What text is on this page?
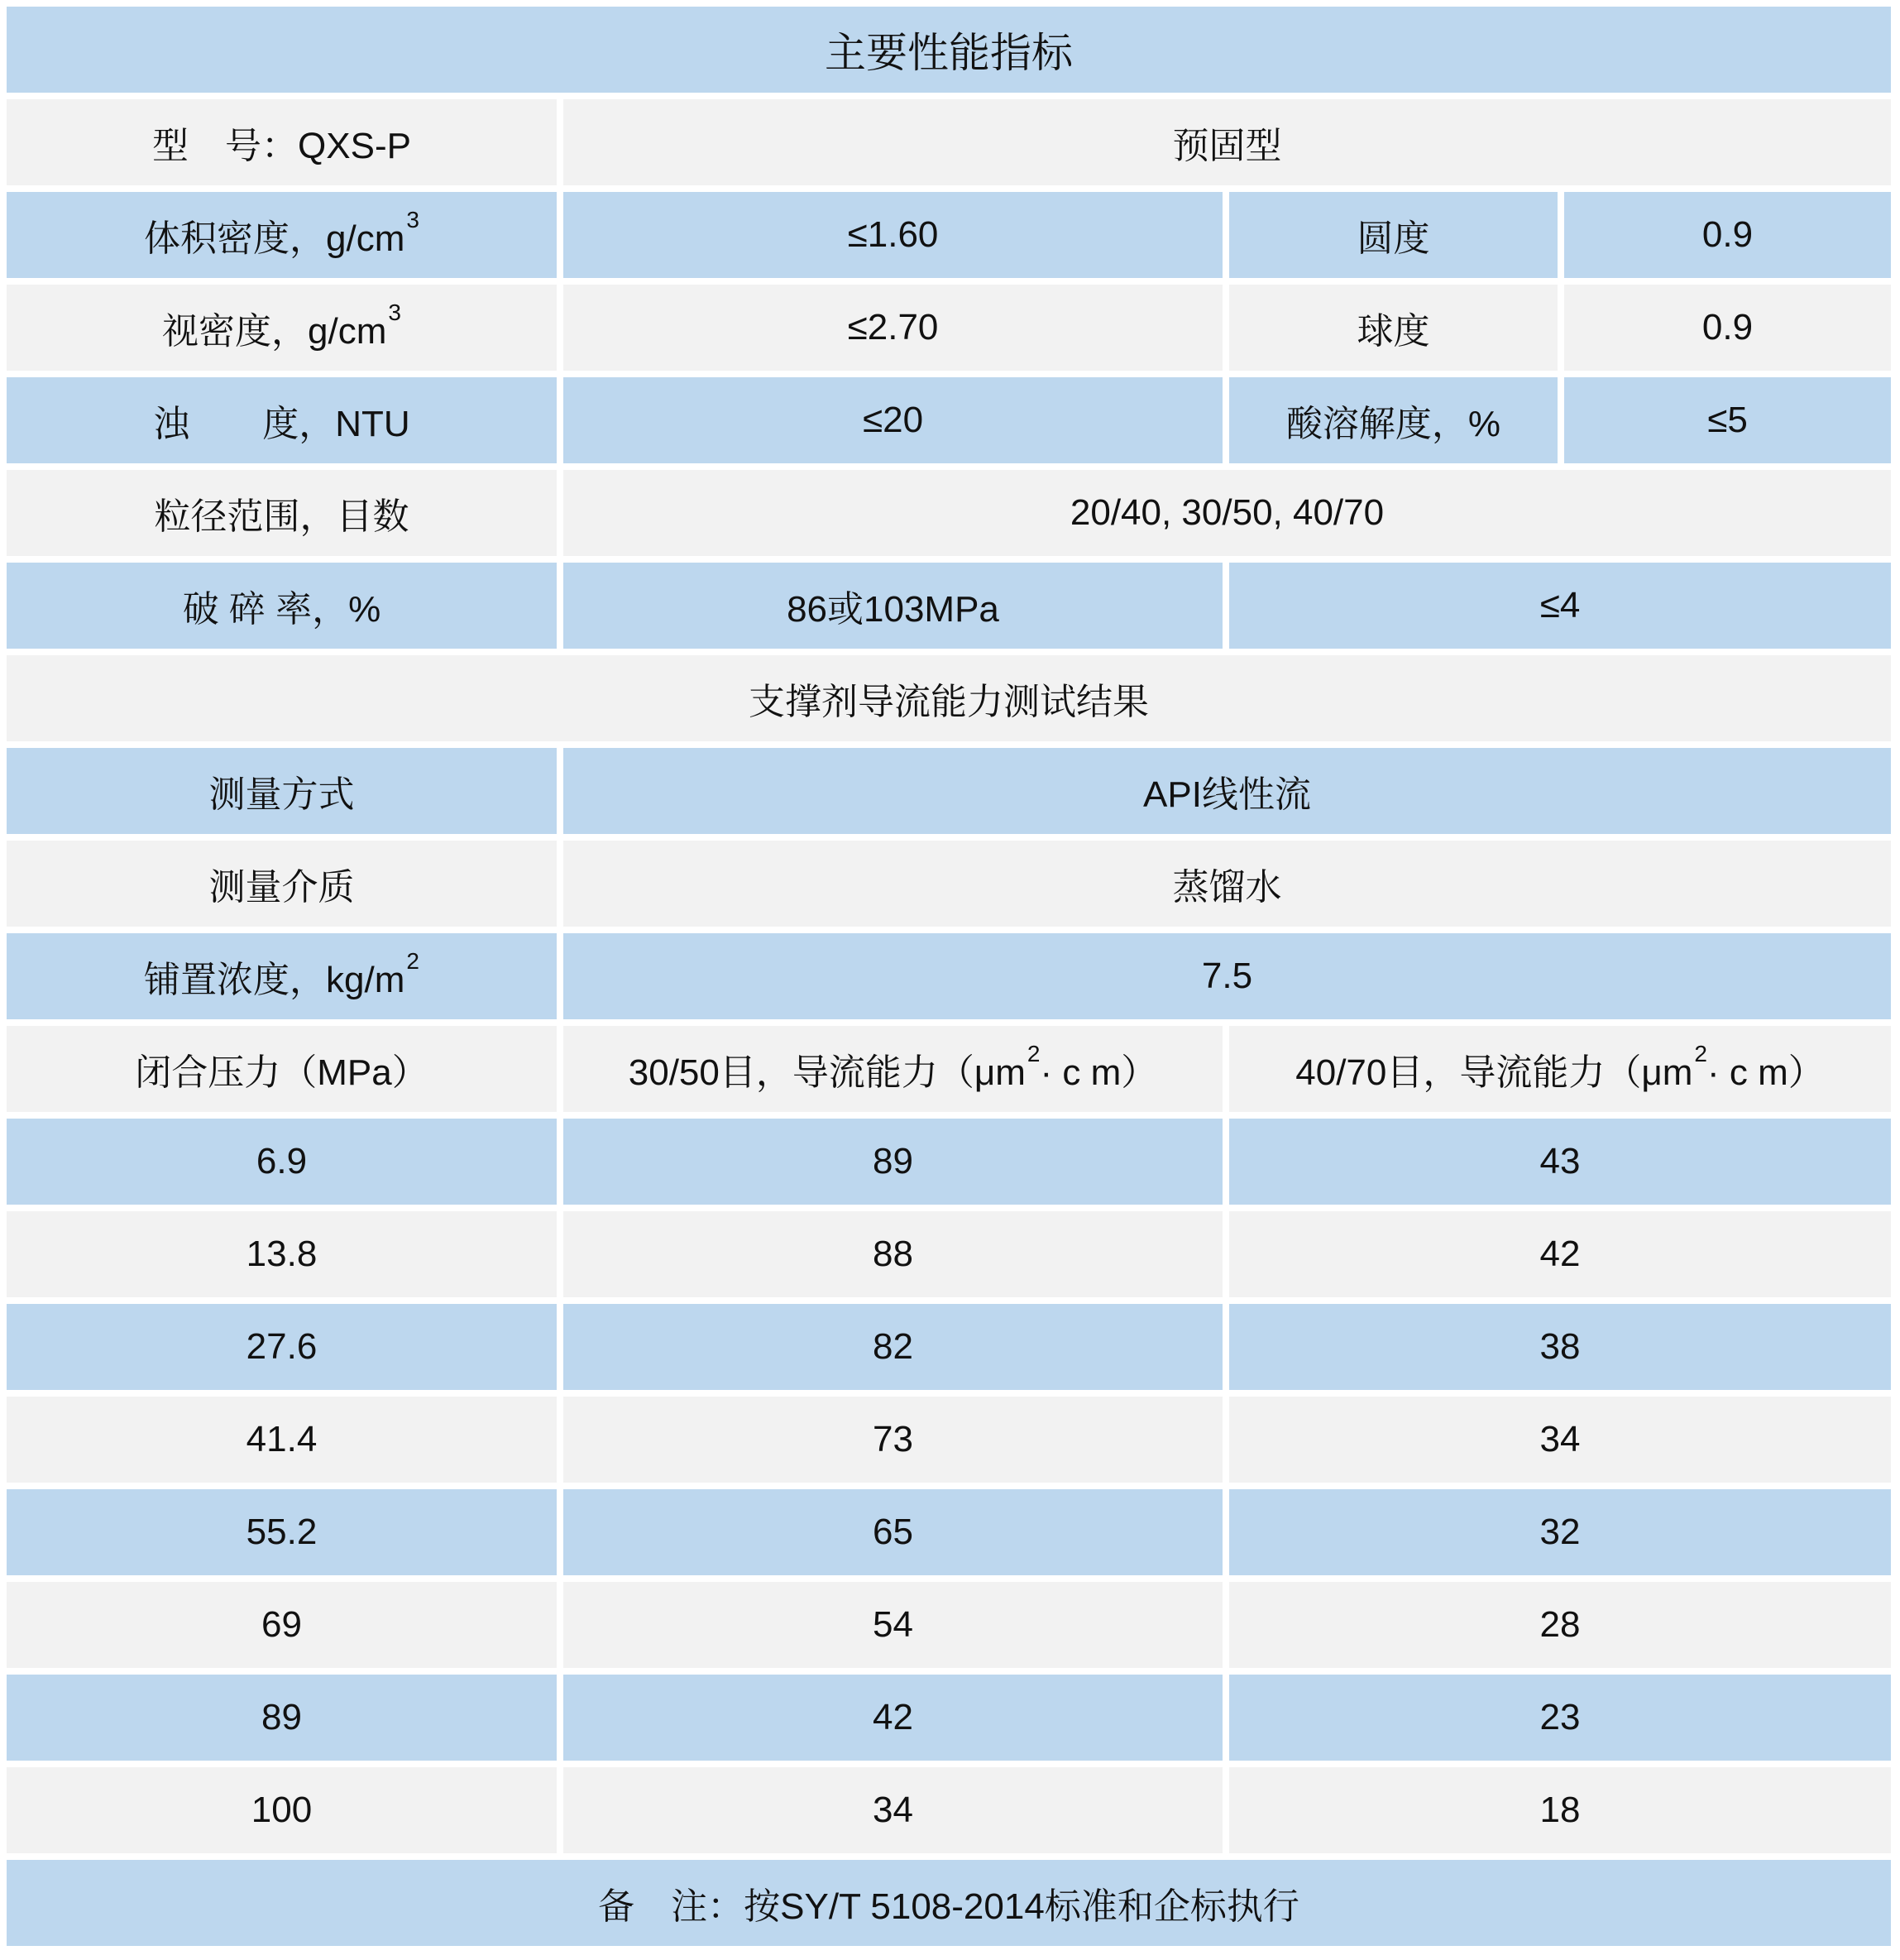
主要性能指标
型　号：QXS-P	预固型
体积密度，g/cm 3	≤1.60	圆度	0.9
视密度，g/cm 3	≤2.70	球度	0.9
浊　　度，NTU	≤20	酸溶解度，%	≤5
粒径范围，目数	20/40, 30/50, 40/70
破 碎 率，%	86或103MPa	≤4
支撑剂导流能力测试结果
测量方式	API线性流
测量介质	蒸馏水
铺置浓度，kg/m 2	7.5
闭合压力（MPa）	30/50目，导流能力（μm 2 · c m）	40/70目，导流能力（μm 2 · c m）
6.9	89	43
13.8	88	42
27.6	82	38
41.4	73	34
55.2	65	32
69	54	28
89	42	23
100	34	18
备　注：按SY/T 5108-2014标准和企标执行
